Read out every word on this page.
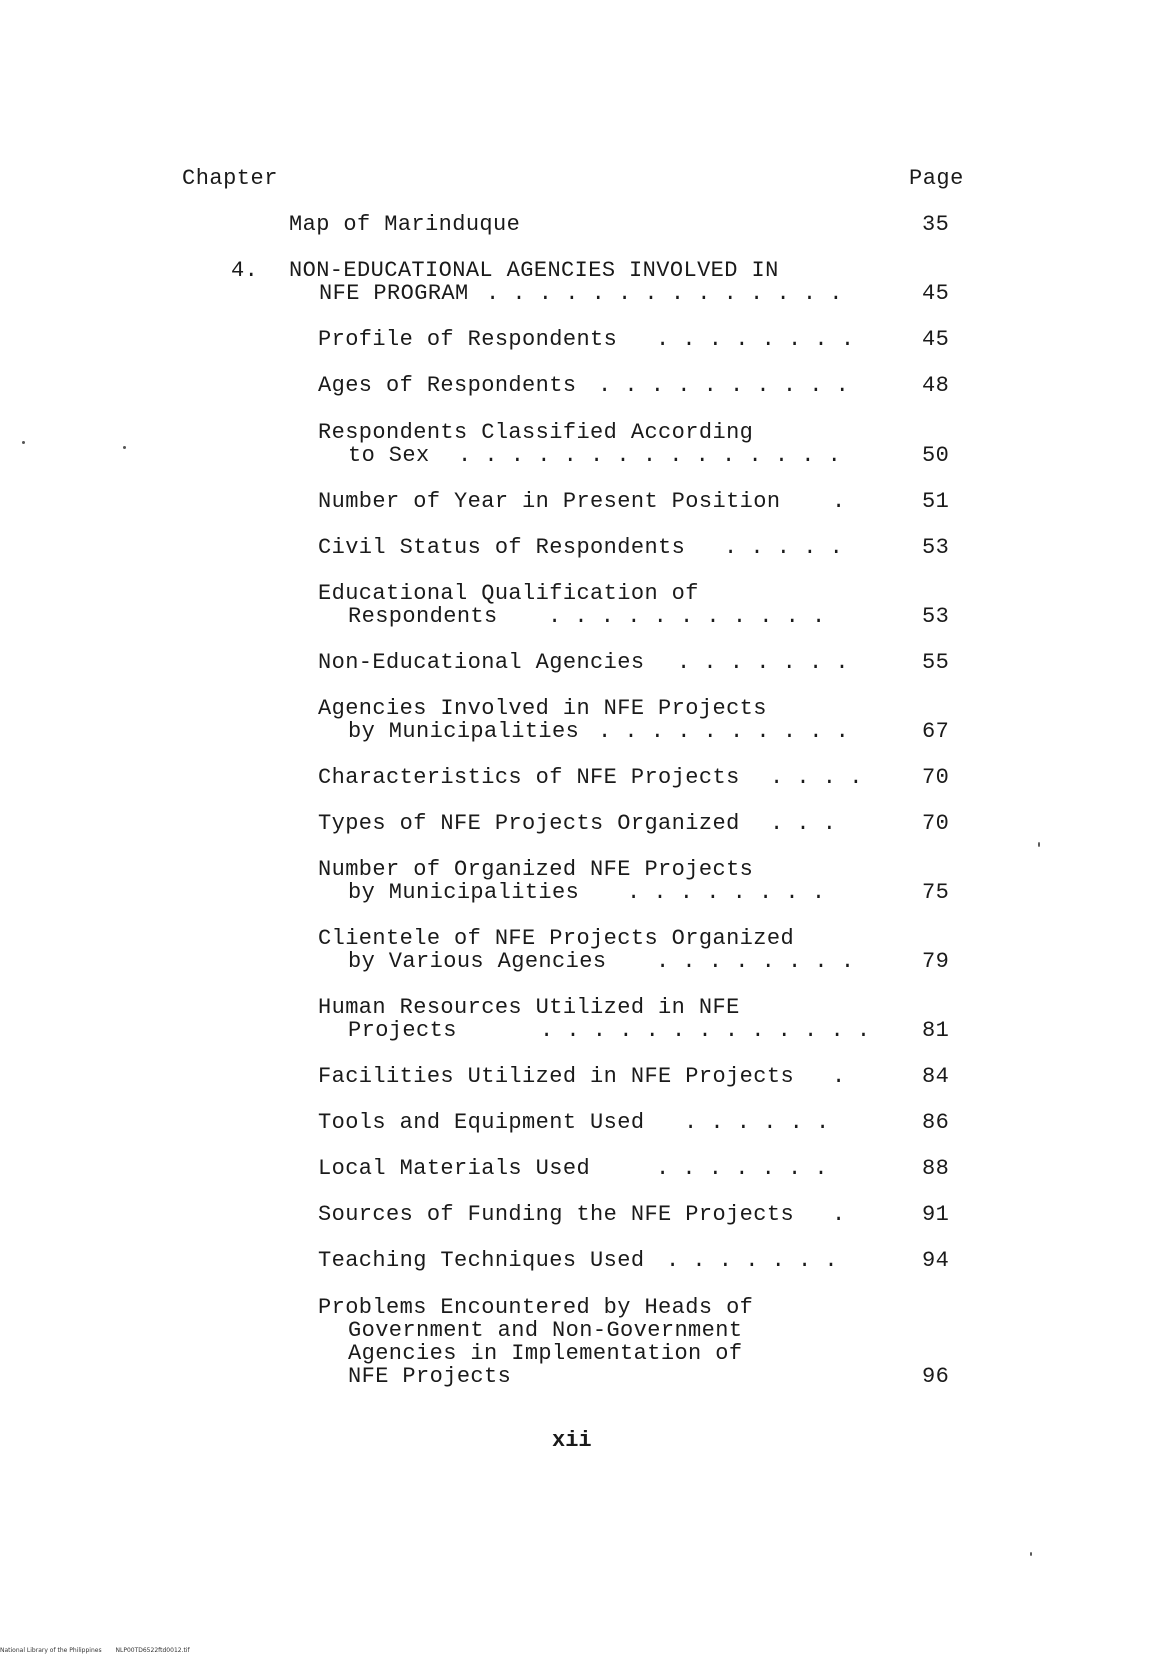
Chapter	Page
Map of Marinduque	35
4. NON-EDUCATIONAL AGENCIES INVOLVED IN
NFE PROGRAM . . . . . . . . . . . . . .	45
Profile of Respondents . . . . . . . .	45
Ages of Respondents . . . . . . . . . .	48
Respondents Classified According
to Sex	. . . . . . . . . . . . . . .	50
Number of Year in Present Position .	51
Civil Status of Respondents . . . . .	53
Educational Qualification of
Respondents	. . . . . . . . . . .	53
Non-Educational Agencies . . . . . . .	55
Agencies Involved in NFE Projects
by Municipalities . . . . . . . . . .	67
Characteristics of NFE Projects . . . .	70
Types of NFE Projects Organized . . .	70
Number of Organized NFE Projects
by Municipalities	. . . . . . . .	75
Clientele of NFE Projects Organized
by Various Agencies	. . . . . . . .	79
Human Resources Utilized in NFE
Projects	. . . . . . . . . . . . . 81
Facilities Utilized in NFE Projects .	84
Tools and Equipment Used . . . . . .	86
Local Materials Used	. . . . . . .	88
Sources of Funding the NFE Projects .	91
Teaching Techniques Used . . . . . . .	94
Problems Encountered by Heads of
Government and Non-Government
Agencies in Implementation of
NFE Projects	96
xii
National Library of the Philippines NLP00TD6522ftd0012.tif
